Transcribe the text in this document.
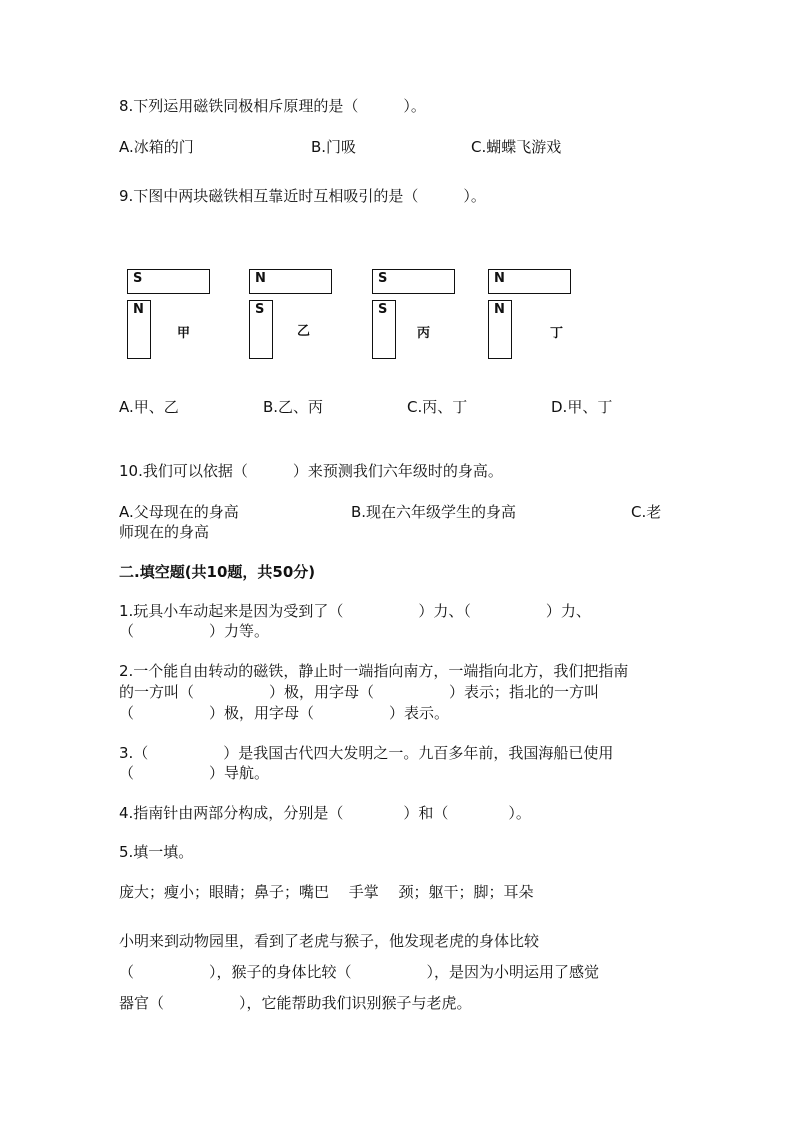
8.下列运用磁铁同极相斥原理的是（　　　）。
A.冰箱的门	B.门吸	C.蝴蝶飞游戏
9.下图中两块磁铁相互靠近时互相吸引的是（　　　）。
S
N
甲
N
S
乙
S
S
丙
N
N
丁
A.甲、乙	B.乙、丙	C.丙、丁	D.甲、丁
10.我们可以依据（　　　）来预测我们六年级时的身高。
A.父母现在的身高	B.现在六年级学生的身高	C.老
师现在的身高
二.填空题(共10题，共50分)
1.玩具小车动起来是因为受到了（　　　　　）力、（　　　　　）力、
（　　　　　）力等。
2.一个能自由转动的磁铁，静止时一端指向南方，一端指向北方，我们把指南
的一方叫（　　　　　）极，用字母（　　　　　）表示；指北的一方叫
（　　　　　）极，用字母（　　　　　）表示。
3.（　　　　　）是我国古代四大发明之一。九百多年前，我国海船已使用
（　　　　　）导航。
4.指南针由两部分构成，分别是（　　　　）和（　　　　）。
5.填一填。
庞大；瘦小；眼睛；鼻子；嘴巴　 手掌　 颈；躯干；脚；耳朵
小明来到动物园里，看到了老虎与猴子，他发现老虎的身体比较
（　　　　　），猴子的身体比较（　　　　　），是因为小明运用了感觉
器官（　　　　　），它能帮助我们识别猴子与老虎。
